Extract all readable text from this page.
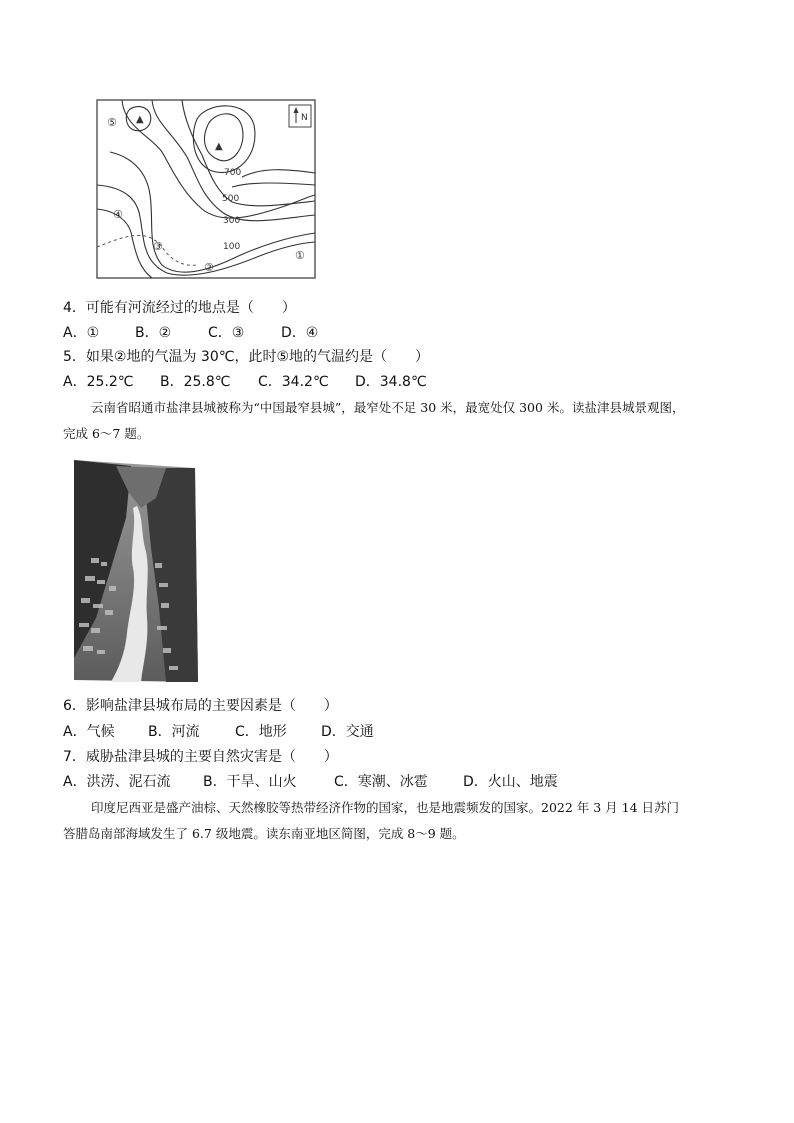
N
▲
▲
700
500
300
100
①
②
③
④
⑤
4．可能有河流经过的地点是（　　）
A．①	B．②	C．③	D．④
5．如果②地的气温为 30℃，此时⑤地的气温约是（　　）
A．25.2℃ B．25.8℃ C．34.2℃ D．34.8℃

云南省昭通市盐津县城被称为“中国最窄县城”，最窄处不足 30 米，最宽处仅 300 米。读盐津县城景观图，

完成 6～7 题。

6．影响盐津县城布局的主要因素是（　　）
A．气候 B．河流	C．地形 D．交通
7．威胁盐津县城的主要自然灾害是（　　）
A．洪涝、泥石流 B．干旱、山火	C．寒潮、冰雹	D．火山、地震

印度尼西亚是盛产油棕、天然橡胶等热带经济作物的国家，也是地震频发的国家。2022 年 3 月 14 日苏门

答腊岛南部海域发生了 6.7 级地震。读东南亚地区简图，完成 8～9 题。
